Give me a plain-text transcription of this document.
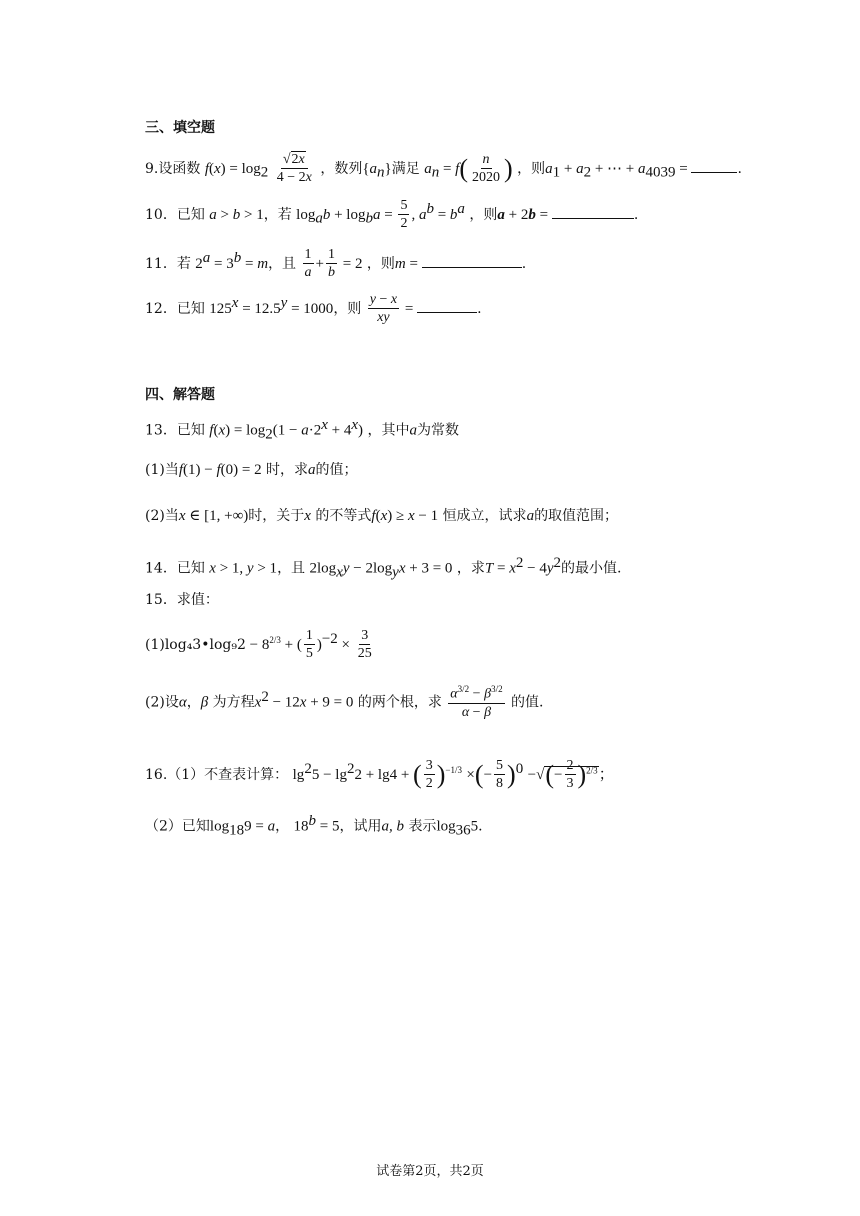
三、填空题
9.设函数 $f(x) = \log_2 \frac{√2x}{4 - 2x}$ ，数列$\{a_n\}$满足 $a_n = f( \frac{n}{2020}$ ) ，则$a_1 + a_2$ + ⋯ + $a_{4039}$ =	.
10．已知 a > b > 1，若 $\log_ab + \log_ba = \frac{5}{2}$ , $a^b = b^a$ ，则a + 2b =	.
11．若 $2^a = 3^b = m$，且 $\frac{1}{a} + \frac{1}{b} = 2$ ，则m =	.
12．已知 $125^x = 12.5^y = 1000$，则 $\frac{y - x}{xy}$ =	.
四、解答题
13．已知 $f(x) = \log_2(1 - a\cdot 2^x + 4^x)$ ，其中a为常数
(1)当f(1) − f(0) = 2 时，求a的值；
(2)当x ∈ [1, +∞)时，关于x 的不等式f(x) ≥ x − 1 恒成立，试求a的取值范围；
14．已知 x > 1, y > 1，且 $2\log_xy - 2\log_yx + 3 = 0$ ，求$T = x^2 - 4y^2$的最小值.
15．求值：
(1)log₄3•log₉2 − $8^{2/3}$ + ( $\frac{1}{5} )^{-2} \times \frac{3}{25}$
(2)设α，β 为方程$x^2 - 12x + 9 = 0$ 的两个根，求 $\frac{\alpha^{3/2} - \beta^{3/2}}{\alpha - \beta}$ 的值.
16.（1）不查表计算： $\lg^25 - \lg^22 + \lg 4$ + ( $\frac{3}{2} )^{-1/3}$ ×(− $\frac{5}{8} )^0$ −√(− $\frac{2}{3} )^{2/3}$；
（2）已知$\log_{18}9 = a$， $18^b = 5$，试用a, b 表示$\log_{36}5$.
试卷第2页，共2页
